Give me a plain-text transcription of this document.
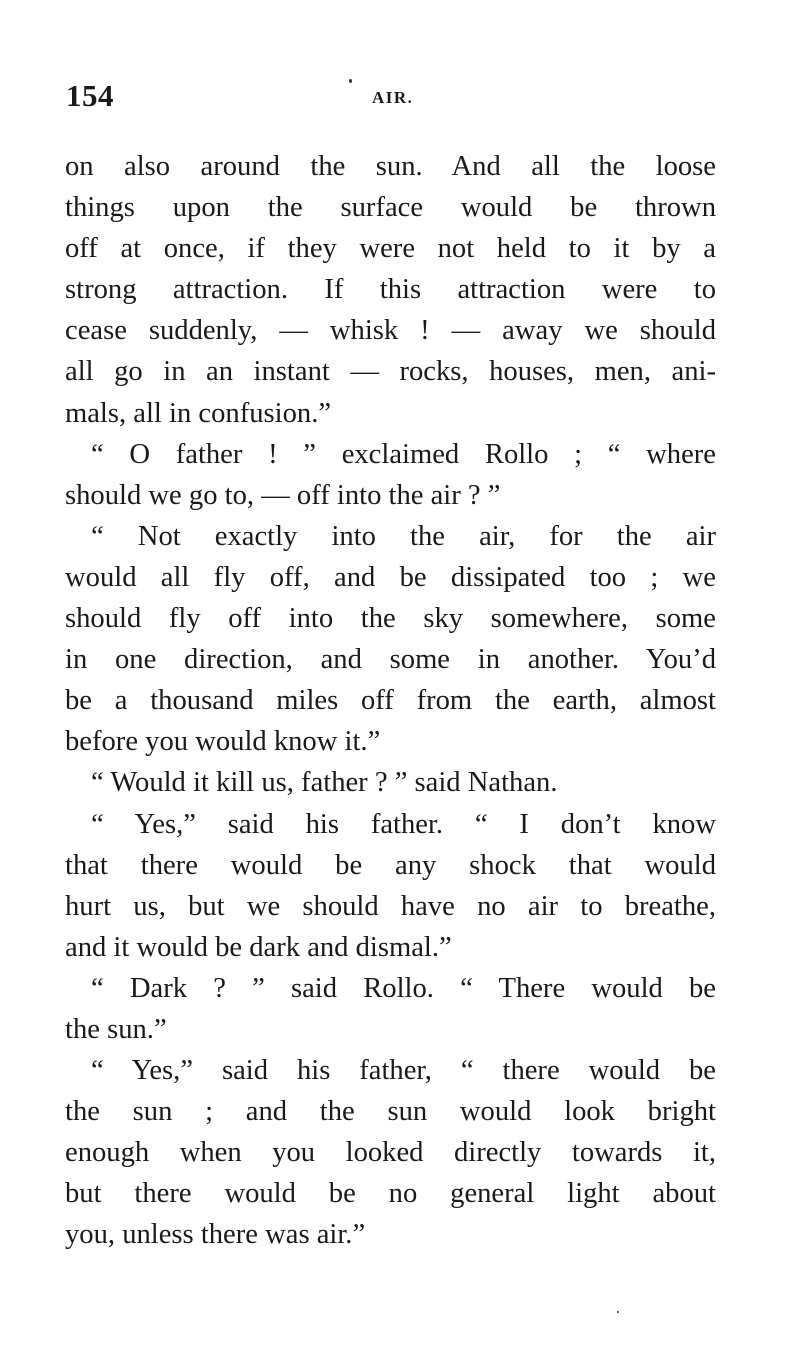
154	AIR.
on also around the sun. And all the loose
things upon the surface would be thrown
off at once, if they were not held to it by a
strong attraction. If this attraction were to
cease suddenly, — whisk ! — away we should
all go in an instant — rocks, houses, men, ani-
mals, all in confusion.”
“ O father ! ” exclaimed Rollo ; “ where
should we go to, — off into the air ? ”
“ Not exactly into the air, for the air
would all fly off, and be dissipated too ; we
should fly off into the sky somewhere, some
in one direction, and some in another. You’d
be a thousand miles off from the earth, almost
before you would know it.”
“ Would it kill us, father ? ” said Nathan.
“ Yes,” said his father. “ I don’t know
that there would be any shock that would
hurt us, but we should have no air to breathe,
and it would be dark and dismal.”
“ Dark ? ” said Rollo. “ There would be
the sun.”
“ Yes,” said his father, “ there would be
the sun ; and the sun would look bright
enough when you looked directly towards it,
but there would be no general light about
you, unless there was air.”
